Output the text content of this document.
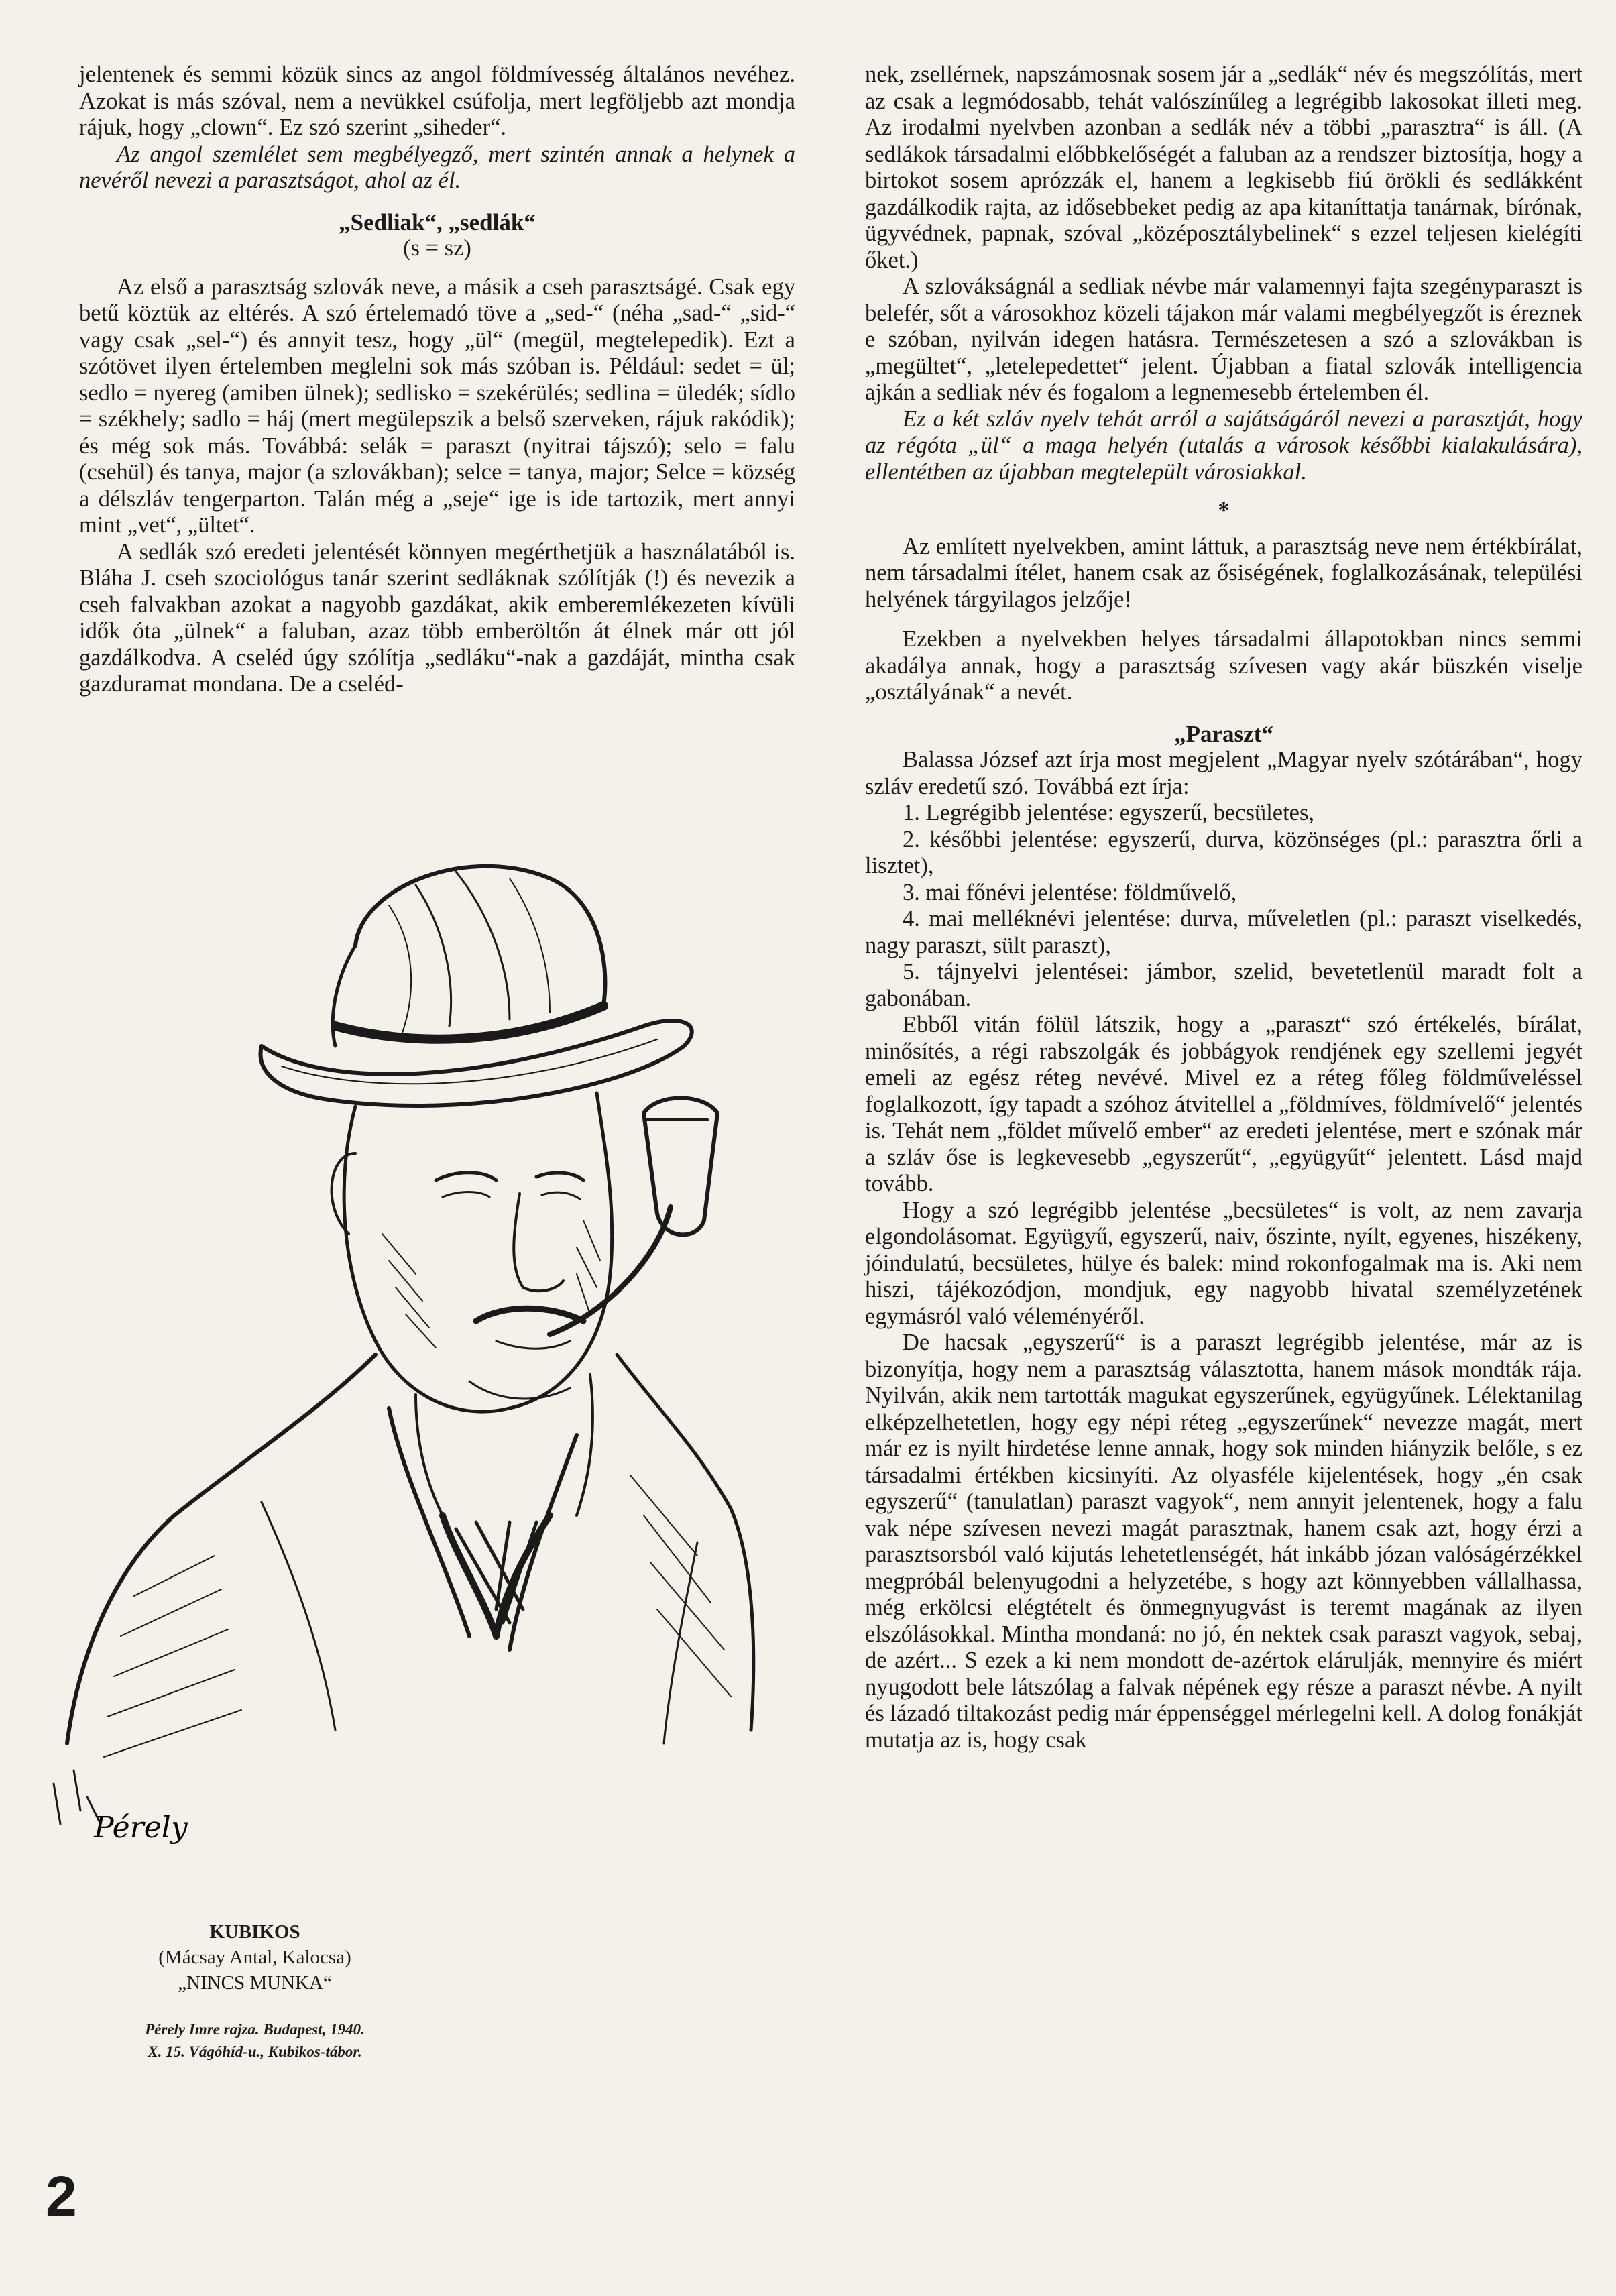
jelentenek és semmi közük sincs az angol földmívesség általános nevéhez. Azokat is más szóval, nem a nevükkel csúfolja, mert legföljebb azt mondja rájuk, hogy „clown“. Ez szó szerint „siheder“.

Az angol szemlélet sem megbélyegző, mert szintén annak a helynek a nevéről nevezi a parasztságot, ahol az él.

„Sedliak“, „sedlák“
(s = sz)

Az első a parasztság szlovák neve, a másik a cseh parasztságé. Csak egy betű köztük az eltérés. A szó értelemadó töve a „sed-“ (néha „sad-“ „sid-“ vagy csak „sel-“) és annyit tesz, hogy „ül“ (megül, megtelepedik). Ezt a szótövet ilyen értelemben meglelni sok más szóban is. Például: sedet = ül; sedlo = nyereg (amiben ülnek); sedlisko = szekérülés; sedlina = üledék; sídlo = székhely; sadlo = háj (mert megülepszik a belső szerveken, rájuk rakódik); és még sok más. Továbbá: selák = paraszt (nyitrai tájszó); selo = falu (csehül) és tanya, major (a szlovákban); selce = tanya, major; Selce = község a délszláv tengerparton. Talán még a „seje“ ige is ide tartozik, mert annyi mint „vet“, „ültet“.

A sedlák szó eredeti jelentését könnyen megérthetjük a használatából is. Bláha J. cseh szociológus tanár szerint sedláknak szólítják (!) és nevezik a cseh falvakban azokat a nagyobb gazdákat, akik emberemlékezeten kívüli idők óta „ülnek“ a faluban, azaz több emberöltőn át élnek már ott jól gazdálkodva. A cseléd úgy szólítja „sedláku“-nak a gazdáját, mintha csak gazduramat mondana. De a cseléd-

Pérely
KUBIKOS
(Mácsay Antal, Kalocsa)
„NINCS MUNKA“
Pérely Imre rajza. Budapest, 1940.
X. 15. Vágóhíd-u., Kubikos-tábor.
2

nek, zsellérnek, napszámosnak sosem jár a „sedlák“ név és megszólítás, mert az csak a legmódosabb, tehát valószínűleg a legrégibb lakosokat illeti meg. Az irodalmi nyelvben azonban a sedlák név a többi „parasztra“ is áll. (A sedlákok társadalmi előbbkelőségét a faluban az a rendszer biztosítja, hogy a birtokot sosem aprózzák el, hanem a legkisebb fiú örökli és sedlákként gazdálkodik rajta, az idősebbeket pedig az apa kitaníttatja tanárnak, bírónak, ügyvédnek, papnak, szóval „középosztálybelinek“ s ezzel teljesen kielégíti őket.)

A szlovákságnál a sedliak névbe már valamennyi fajta szegényparaszt is belefér, sőt a városokhoz közeli tájakon már valami megbélyegzőt is éreznek e szóban, nyilván idegen hatásra. Természetesen a szó a szlovákban is „megültet“, „letelepedettet“ jelent. Újabban a fiatal szlovák intelligencia ajkán a sedliak név és fogalom a legnemesebb értelemben él.

Ez a két szláv nyelv tehát arról a sajátságáról nevezi a parasztját, hogy az régóta „ül“ a maga helyén (utalás a városok későbbi kialakulására), ellentétben az újabban megtelepült városiakkal.

*

Az említett nyelvekben, amint láttuk, a parasztság neve nem értékbírálat, nem társadalmi ítélet, hanem csak az ősiségének, foglalkozásának, települési helyének tárgyilagos jelzője!

Ezekben a nyelvekben helyes társadalmi állapotokban nincs semmi akadálya annak, hogy a parasztság szívesen vagy akár büszkén viselje „osztályának“ a nevét.

„Paraszt“

Balassa József azt írja most megjelent „Magyar nyelv szótárában“, hogy szláv eredetű szó. Továbbá ezt írja:

1. Legrégibb jelentése: egyszerű, becsületes,
2. későbbi jelentése: egyszerű, durva, közönséges (pl.: parasztra őrli a lisztet),
3. mai főnévi jelentése: földművelő,
4. mai melléknévi jelentése: durva, műveletlen (pl.: paraszt viselkedés, nagy paraszt, sült paraszt),
5. tájnyelvi jelentései: jámbor, szelid, bevetetlenül maradt folt a gabonában.

Ebből vitán fölül látszik, hogy a „paraszt“ szó értékelés, bírálat, minősítés, a régi rabszolgák és jobbágyok rendjének egy szellemi jegyét emeli az egész réteg nevévé. Mivel ez a réteg főleg földműveléssel foglalkozott, így tapadt a szóhoz átvitellel a „földmíves, földmívelő“ jelentés is. Tehát nem „földet művelő ember“ az eredeti jelentése, mert e szónak már a szláv őse is legkevesebb „egyszerűt“, „együgyűt“ jelentett. Lásd majd tovább.

Hogy a szó legrégibb jelentése „becsületes“ is volt, az nem zavarja elgondolásomat. Együgyű, egyszerű, naiv, őszinte, nyílt, egyenes, hiszékeny, jóindulatú, becsületes, hülye és balek: mind rokonfogalmak ma is. Aki nem hiszi, tájékozódjon, mondjuk, egy nagyobb hivatal személyzetének egymásról való véleményéről.

De hacsak „egyszerű“ is a paraszt legrégibb jelentése, már az is bizonyítja, hogy nem a parasztság választotta, hanem mások mondták rája. Nyilván, akik nem tartották magukat egyszerűnek, együgyűnek. Lélektanilag elképzelhetetlen, hogy egy népi réteg „egyszerűnek“ nevezze magát, mert már ez is nyilt hirdetése lenne annak, hogy sok minden hiányzik belőle, s ez társadalmi értékben kicsinyíti. Az olyasféle kijelentések, hogy „én csak egyszerű“ (tanulatlan) paraszt vagyok“, nem annyit jelentenek, hogy a falu vak népe szívesen nevezi magát parasztnak, hanem csak azt, hogy érzi a parasztsorsból való kijutás lehetetlenségét, hát inkább józan valóságérzékkel megpróbál belenyugodni a helyzetébe, s hogy azt könnyebben vállalhassa, még erkölcsi elégtételt és önmegnyugvást is teremt magának az ilyen elszólásokkal. Mintha mondaná: no jó, én nektek csak paraszt vagyok, sebaj, de azért... S ezek a ki nem mondott de-azértok elárulják, mennyire és miért nyugodott bele látszólag a falvak népének egy része a paraszt névbe. A nyilt és lázadó tiltakozást pedig már éppenséggel mérlegelni kell. A dolog fonákját mutatja az is, hogy csak
